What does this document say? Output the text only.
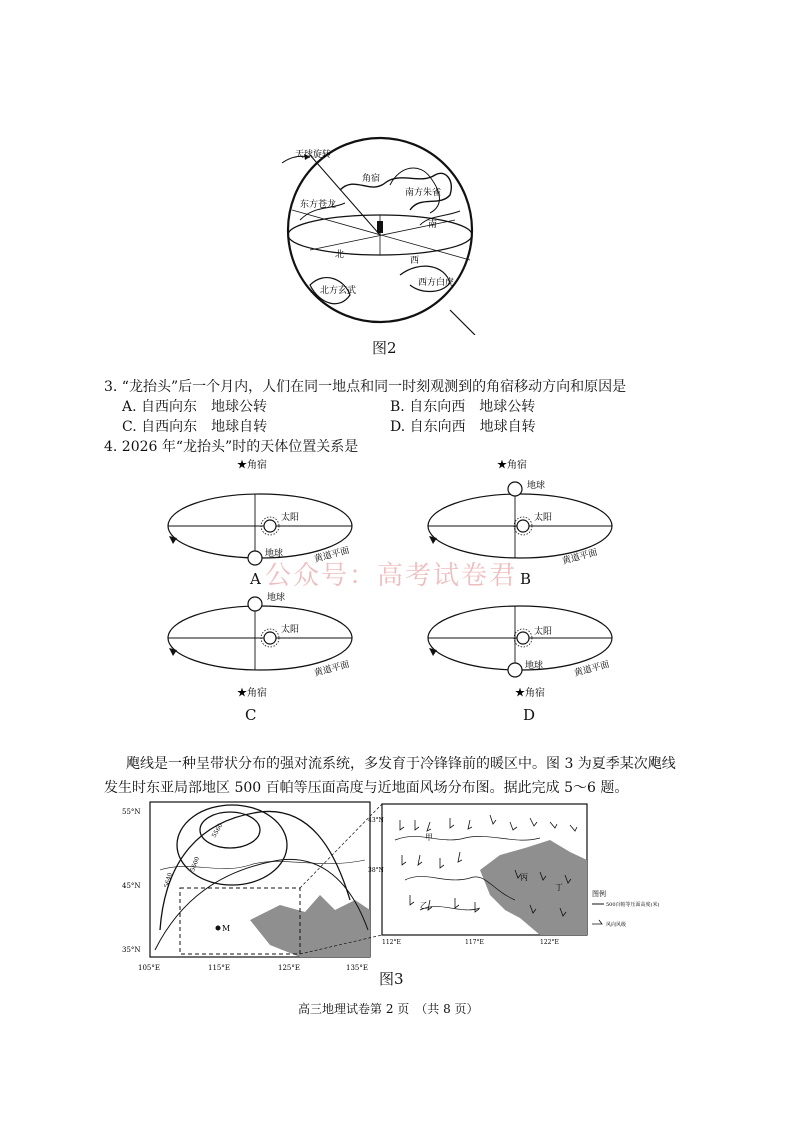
天球旋转
角宿
南方朱雀
东方苍龙
北
南
西
北方玄武
西方白虎
图2
3. “龙抬头”后一个月内，人们在同一地点和同一时刻观测到的角宿移动方向和原因是
A. 自西向东　地球公转	B. 自东向西　地球公转
C. 自西向东　地球自转	D. 自东向西　地球自转
4. 2026 年“龙抬头”时的天体位置关系是
★角宿
太阳
地球	黄道平面
A
★角宿
太阳
地球
黄道平面
B
公众号：高考试卷君
太阳
地球
黄道平面
★角宿
C
太阳
地球	黄道平面
★角宿
D
飑线是一种呈带状分布的强对流系统，多发育于冷锋锋前的暖区中。图 3 为夏季某次飑线
发生时东亚局部地区 500 百帕等压面高度与近地面风场分布图。据此完成 5～6 题。
M
5560
5600
5640
55°N
45°N
35°N
105°E	115°E	125°E	135°E
甲
乙
丙
丁
43°N
38°N
112°E	117°E	122°E
图例
500百帕等压面高度(米)
风向风级
图3
高三地理试卷第 2 页　（共 8 页）
